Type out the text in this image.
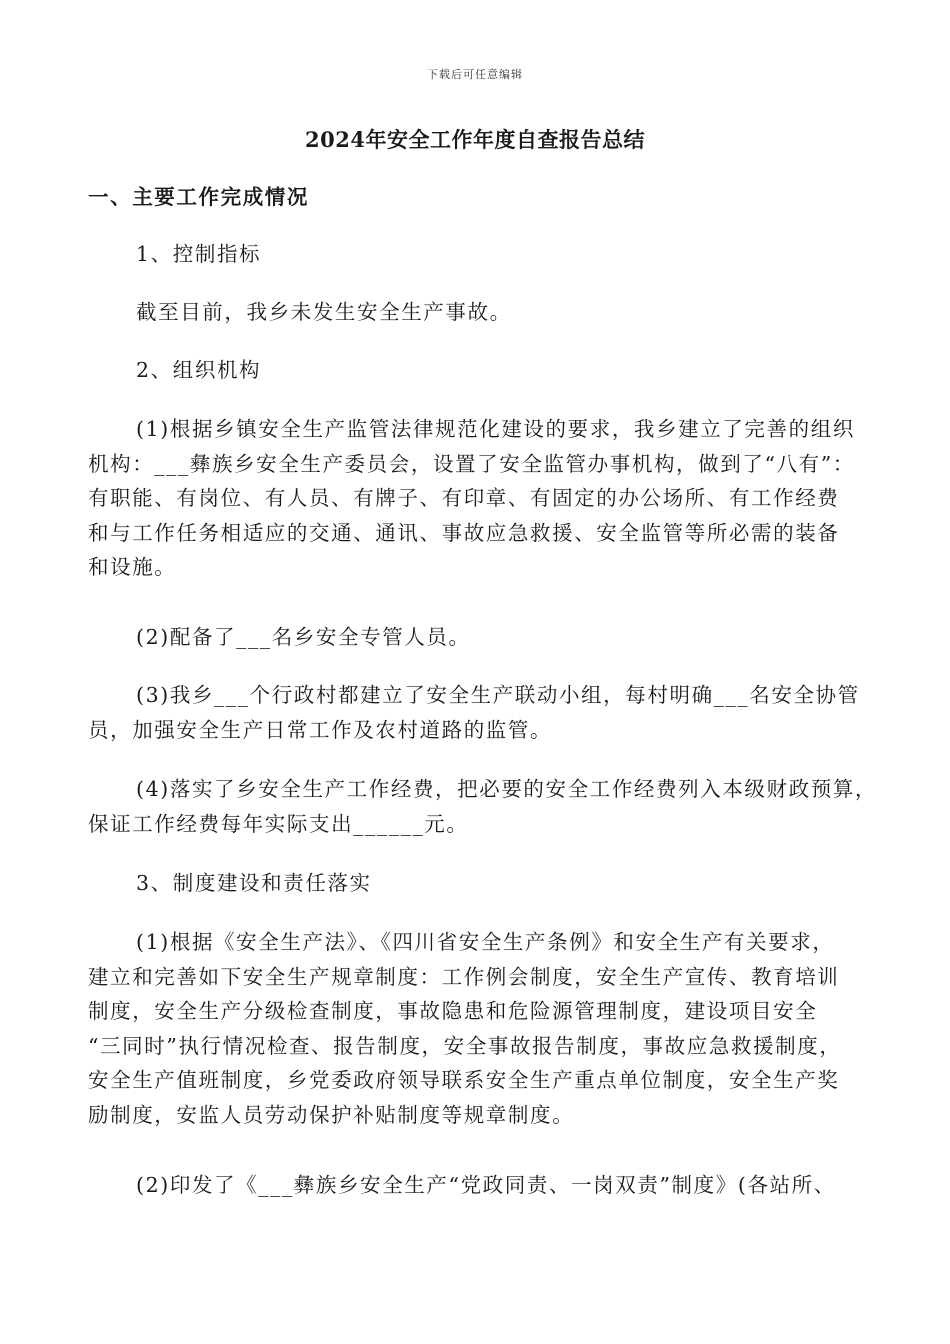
下载后可任意编辑
2024年安全工作年度自查报告总结
一、主要工作完成情况
1、控制指标
截至目前，我乡未发生安全生产事故。
2、组织机构
(1)根据乡镇安全生产监管法律规范化建设的要求，我乡建立了完善的组织
机构：___彝族乡安全生产委员会，设置了安全监管办事机构，做到了“八有”：
有职能、有岗位、有人员、有牌子、有印章、有固定的办公场所、有工作经费
和与工作任务相适应的交通、通讯、事故应急救援、安全监管等所必需的装备
和设施。
(2)配备了___名乡安全专管人员。
(3)我乡___个行政村都建立了安全生产联动小组，每村明确___名安全协管
员，加强安全生产日常工作及农村道路的监管。
(4)落实了乡安全生产工作经费，把必要的安全工作经费列入本级财政预算，
保证工作经费每年实际支出______元。
3、制度建设和责任落实
(1)根据《安全生产法》、《四川省安全生产条例》和安全生产有关要求，
建立和完善如下安全生产规章制度：工作例会制度，安全生产宣传、教育培训
制度，安全生产分级检查制度，事故隐患和危险源管理制度，建设项目安全
“三同时”执行情况检查、报告制度，安全事故报告制度，事故应急救援制度，
安全生产值班制度，乡党委政府领导联系安全生产重点单位制度，安全生产奖
励制度，安监人员劳动保护补贴制度等规章制度。
(2)印发了《___彝族乡安全生产“党政同责、一岗双责”制度》(各站所、
